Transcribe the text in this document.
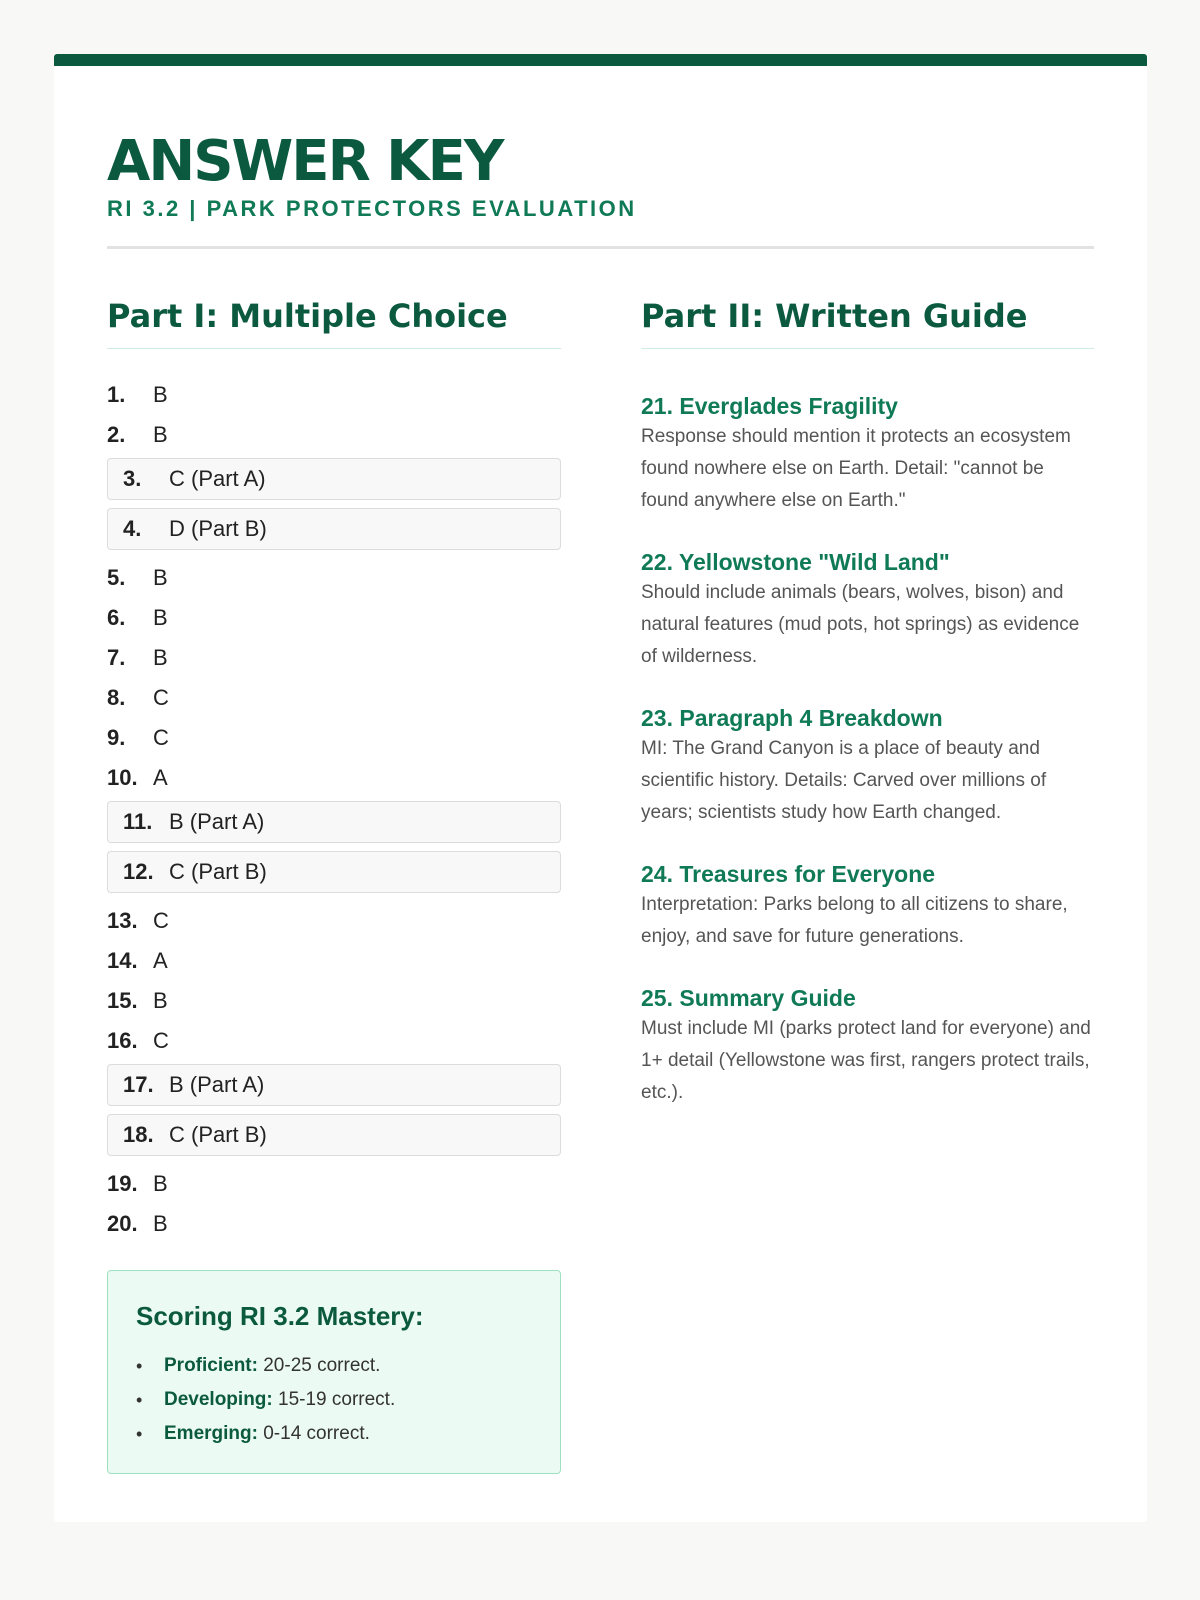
ANSWER KEY
RI 3.2 | PARK PROTECTORS EVALUATION
Part I: Multiple Choice
1.	B
2.	B
3.	C (Part A)
4.	D (Part B)
5.	B
6.	B
7.	B
8.	C
9.	C
10. A
11. B (Part A)
12. C (Part B)
13. C
14. A
15. B
16. C
17. B (Part A)
18. C (Part B)
19. B
20. B
Scoring RI 3.2 Mastery:
• Proficient: 20-25 correct.
• Developing: 15-19 correct.
• Emerging: 0-14 correct.
Part II: Written Guide
21. Everglades Fragility
Response should mention it protects an ecosystem found nowhere else on Earth. Detail: "cannot be found anywhere else on Earth."
22. Yellowstone "Wild Land"
Should include animals (bears, wolves, bison) and natural features (mud pots, hot springs) as evidence of wilderness.
23. Paragraph 4 Breakdown
MI: The Grand Canyon is a place of beauty and scientific history. Details: Carved over millions of years; scientists study how Earth changed.
24. Treasures for Everyone
Interpretation: Parks belong to all citizens to share, enjoy, and save for future generations.
25. Summary Guide
Must include MI (parks protect land for everyone) and 1+ detail (Yellowstone was first, rangers protect trails, etc.).
